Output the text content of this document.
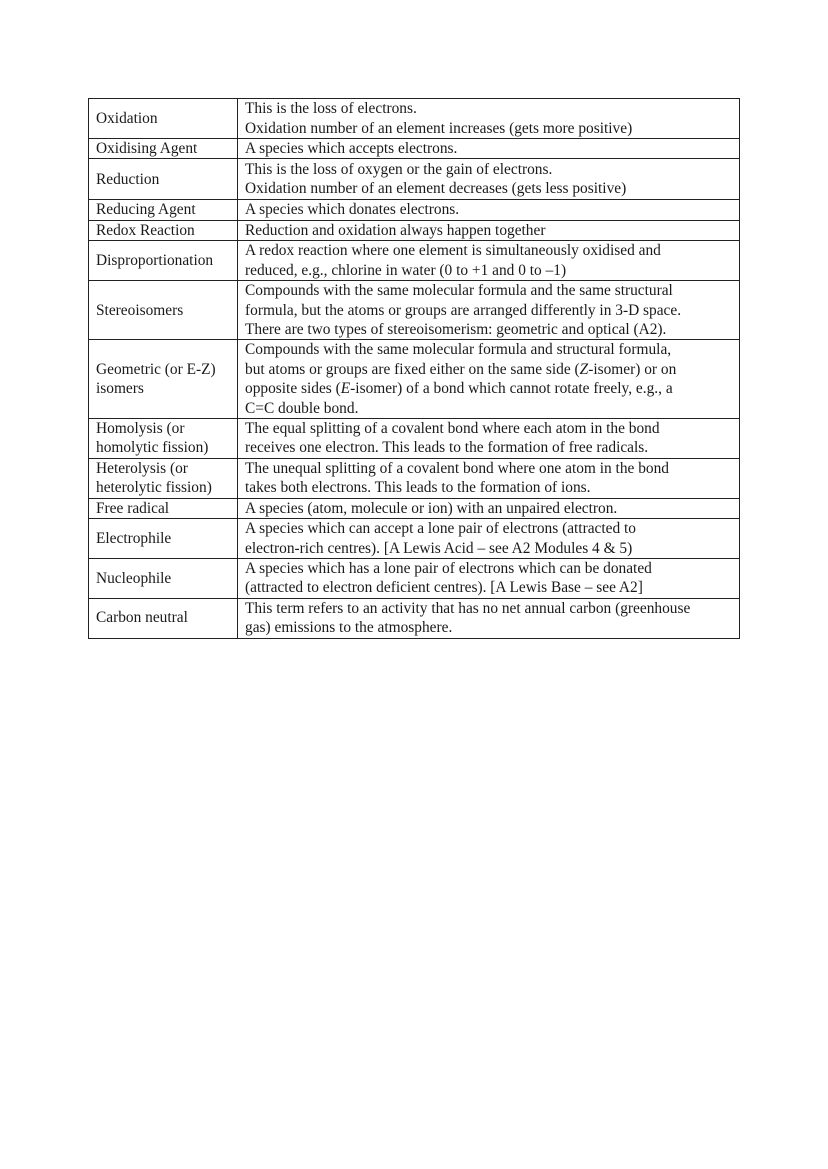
Oxidation	This is the loss of electrons.
Oxidation number of an element increases (gets more positive)

Oxidising Agent	A species which accepts electrons.

Reduction	This is the loss of oxygen or the gain of electrons.
Oxidation number of an element decreases (gets less positive)

Reducing Agent	A species which donates electrons.

Redox Reaction	Reduction and oxidation always happen together

Disproportionation	A redox reaction where one element is simultaneously oxidised and
reduced, e.g., chlorine in water (0 to +1 and 0 to –1)

Stereoisomers	Compounds with the same molecular formula and the same structural
formula, but the atoms or groups are arranged differently in 3-D space.
There are two types of stereoisomerism: geometric and optical (A2).

Geometric (or E-Z) isomers	Compounds with the same molecular formula and structural formula,
but atoms or groups are fixed either on the same side (Z-isomer) or on
opposite sides (E-isomer) of a bond which cannot rotate freely, e.g., a
C=C double bond.

Homolysis (or homolytic fission)	The equal splitting of a covalent bond where each atom in the bond
receives one electron. This leads to the formation of free radicals.

Heterolysis (or heterolytic fission)	The unequal splitting of a covalent bond where one atom in the bond
takes both electrons. This leads to the formation of ions.

Free radical	A species (atom, molecule or ion) with an unpaired electron.

Electrophile	A species which can accept a lone pair of electrons (attracted to
electron-rich centres). [A Lewis Acid – see A2 Modules 4 & 5)

Nucleophile	A species which has a lone pair of electrons which can be donated
(attracted to electron deficient centres). [A Lewis Base – see A2]

Carbon neutral	This term refers to an activity that has no net annual carbon (greenhouse
gas) emissions to the atmosphere.
